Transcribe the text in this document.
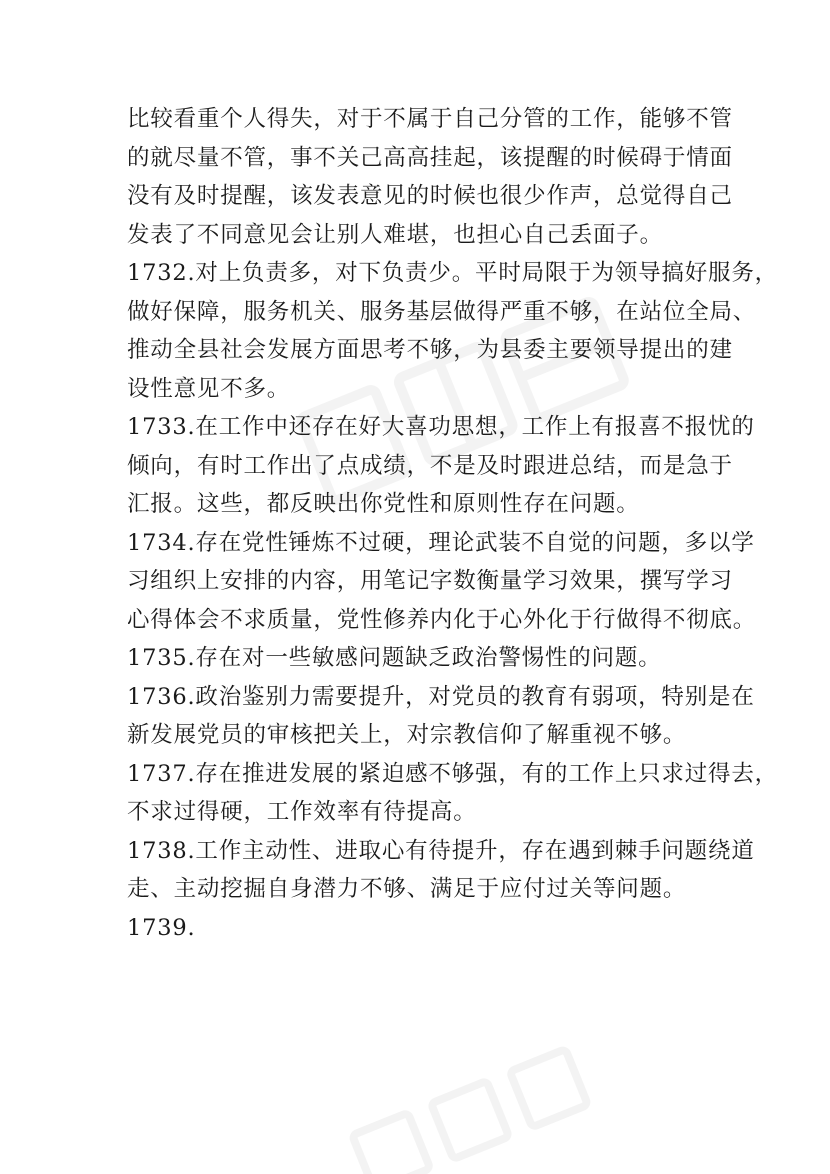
比较看重个人得失，对于不属于自己分管的工作，能够不管
的就尽量不管，事不关己高高挂起，该提醒的时候碍于情面
没有及时提醒，该发表意见的时候也很少作声，总觉得自己
发表了不同意见会让别人难堪，也担心自己丢面子。
1732.对上负责多，对下负责少。平时局限于为领导搞好服务，
做好保障，服务机关、服务基层做得严重不够，在站位全局、
推动全县社会发展方面思考不够，为县委主要领导提出的建
设性意见不多。
1733.在工作中还存在好大喜功思想，工作上有报喜不报忧的
倾向，有时工作出了点成绩，不是及时跟进总结，而是急于
汇报。这些，都反映出你党性和原则性存在问题。
1734.存在党性锤炼不过硬，理论武装不自觉的问题，多以学
习组织上安排的内容，用笔记字数衡量学习效果，撰写学习
心得体会不求质量，党性修养内化于心外化于行做得不彻底。
1735.存在对一些敏感问题缺乏政治警惕性的问题。
1736.政治鉴别力需要提升，对党员的教育有弱项，特别是在
新发展党员的审核把关上，对宗教信仰了解重视不够。
1737.存在推进发展的紧迫感不够强，有的工作上只求过得去，
不求过得硬，工作效率有待提高。
1738.工作主动性、进取心有待提升，存在遇到棘手问题绕道
走、主动挖掘自身潜力不够、满足于应付过关等问题。
1739.
